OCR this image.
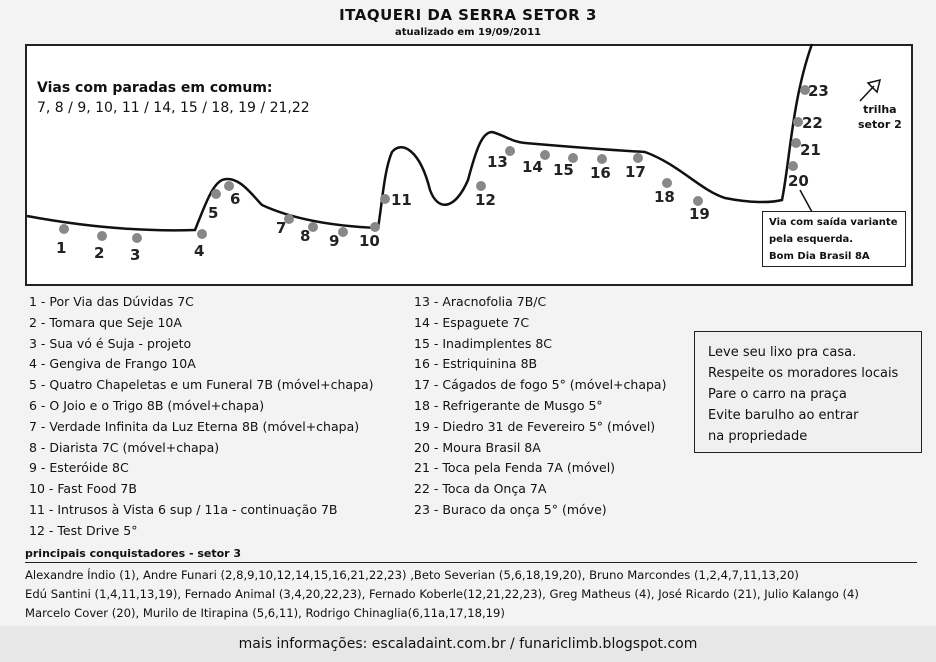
ITAQUERI DA SERRA SETOR 3
atualizado em 19/09/2011
1 2 3	4
5
6
7 8 9 10
11	12
13 14 15 16 17
18
19
20
21
22
23
Vias com paradas em comum:
7, 8 / 9, 10, 11 / 14, 15 / 18, 19 / 21,22	trilha
setor 2
Via com saída variante
pela esquerda.
Bom Dia Brasil 8A
1 - Por Via das Dúvidas 7C
2 - Tomara que Seje 10A
3 - Sua vó é Suja - projeto
4 - Gengiva de Frango 10A
5 - Quatro Chapeletas e um Funeral 7B (móvel+chapa)
6 - O Joio e o Trigo 8B (móvel+chapa)
7 - Verdade Infinita da Luz Eterna 8B (móvel+chapa)
8 - Diarista 7C (móvel+chapa)
9 - Esteróide 8C
10 - Fast Food 7B
11 - Intrusos à Vista 6 sup / 11a - continuação 7B
12 - Test Drive 5°
13 - Aracnofolia 7B/C
14 - Espaguete 7C
15 - Inadimplentes 8C
16 - Estriquinina 8B
17 - Cágados de fogo 5° (móvel+chapa)
18 - Refrigerante de Musgo 5°
19 - Diedro 31 de Fevereiro 5° (móvel)
20 - Moura Brasil 8A
21 - Toca pela Fenda 7A (móvel)
22 - Toca da Onça 7A
23 - Buraco da onça 5° (móve)
Leve seu lixo pra casa.
Respeite os moradores locais
Pare o carro na praça
Evite barulho ao entrar
na propriedade
principais conquistadores - setor 3
Alexandre Índio (1), Andre Funari (2,8,9,10,12,14,15,16,21,22,23) ,Beto Severian (5,6,18,19,20), Bruno Marcondes (1,2,4,7,11,13,20)
Edú Santini (1,4,11,13,19), Fernado Animal (3,4,20,22,23), Fernado Koberle(12,21,22,23), Greg Matheus (4), José Ricardo (21), Julio Kalango (4)
Marcelo Cover (20), Murilo de Itirapina (5,6,11), Rodrigo Chinaglia(6,11a,17,18,19)
mais informações: escaladaint.com.br / funariclimb.blogspot.com
